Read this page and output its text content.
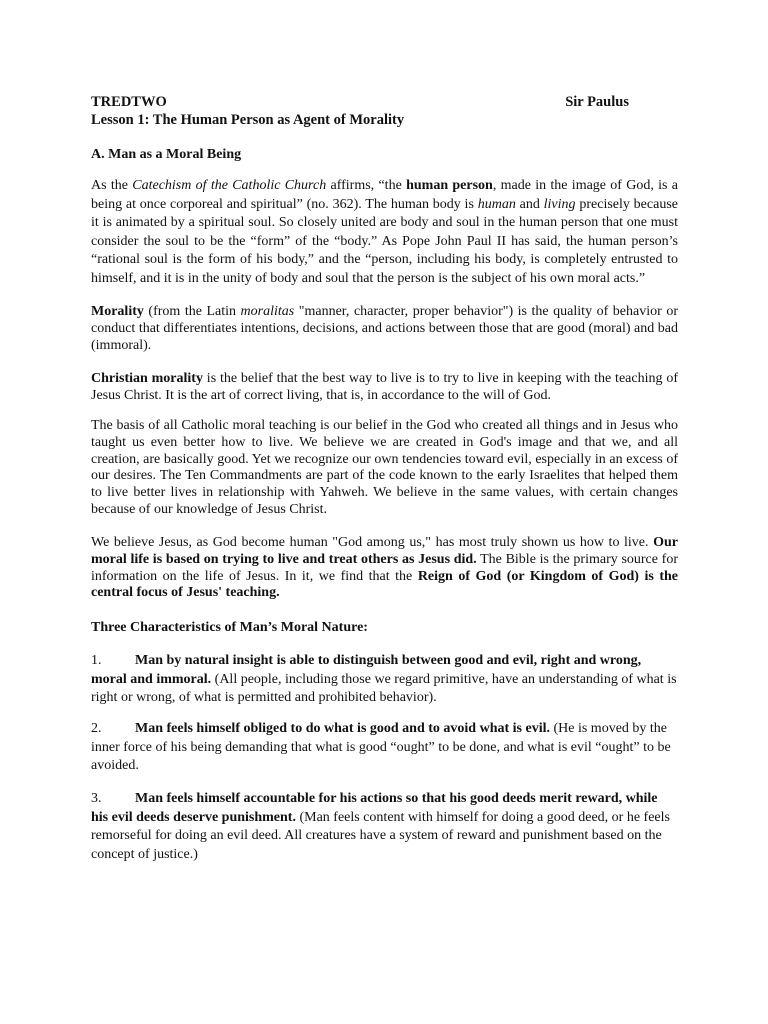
TREDTWO	Sir Paulus
Lesson 1: The Human Person as Agent of Morality
A. Man as a Moral Being
As the Catechism of the Catholic Church affirms, “the human person, made in the image of God, is a being at once corporeal and spiritual” (no. 362). The human body is human and living precisely because it is animated by a spiritual soul. So closely united are body and soul in the human person that one must consider the soul to be the “form” of the “body.” As Pope John Paul II has said, the human person’s “rational soul is the form of his body,” and the “person, including his body, is completely entrusted to himself, and it is in the unity of body and soul that the person is the subject of his own moral acts.”
Morality (from the Latin moralitas "manner, character, proper behavior") is the quality of behavior or conduct that differentiates intentions, decisions, and actions between those that are good (moral) and bad (immoral).
Christian morality is the belief that the best way to live is to try to live in keeping with the teaching of Jesus Christ. It is the art of correct living, that is, in accordance to the will of God.
The basis of all Catholic moral teaching is our belief in the God who created all things and in Jesus who taught us even better how to live. We believe we are created in God's image and that we, and all creation, are basically good. Yet we recognize our own tendencies toward evil, especially in an excess of our desires. The Ten Commandments are part of the code known to the early Israelites that helped them to live better lives in relationship with Yahweh. We believe in the same values, with certain changes because of our knowledge of Jesus Christ.
We believe Jesus, as God become human "God among us," has most truly shown us how to live. Our moral life is based on trying to live and treat others as Jesus did. The Bible is the primary source for information on the life of Jesus. In it, we find that the Reign of God (or Kingdom of God) is the central focus of Jesus' teaching.
Three Characteristics of Man’s Moral Nature:
1. Man by natural insight is able to distinguish between good and evil, right and wrong, moral and immoral. (All people, including those we regard primitive, have an understanding of what is right or wrong, of what is permitted and prohibited behavior).
2. Man feels himself obliged to do what is good and to avoid what is evil. (He is moved by the inner force of his being demanding that what is good “ought” to be done, and what is evil “ought” to be avoided.
3. Man feels himself accountable for his actions so that his good deeds merit reward, while his evil deeds deserve punishment. (Man feels content with himself for doing a good deed, or he feels remorseful for doing an evil deed. All creatures have a system of reward and punishment based on the concept of justice.)
